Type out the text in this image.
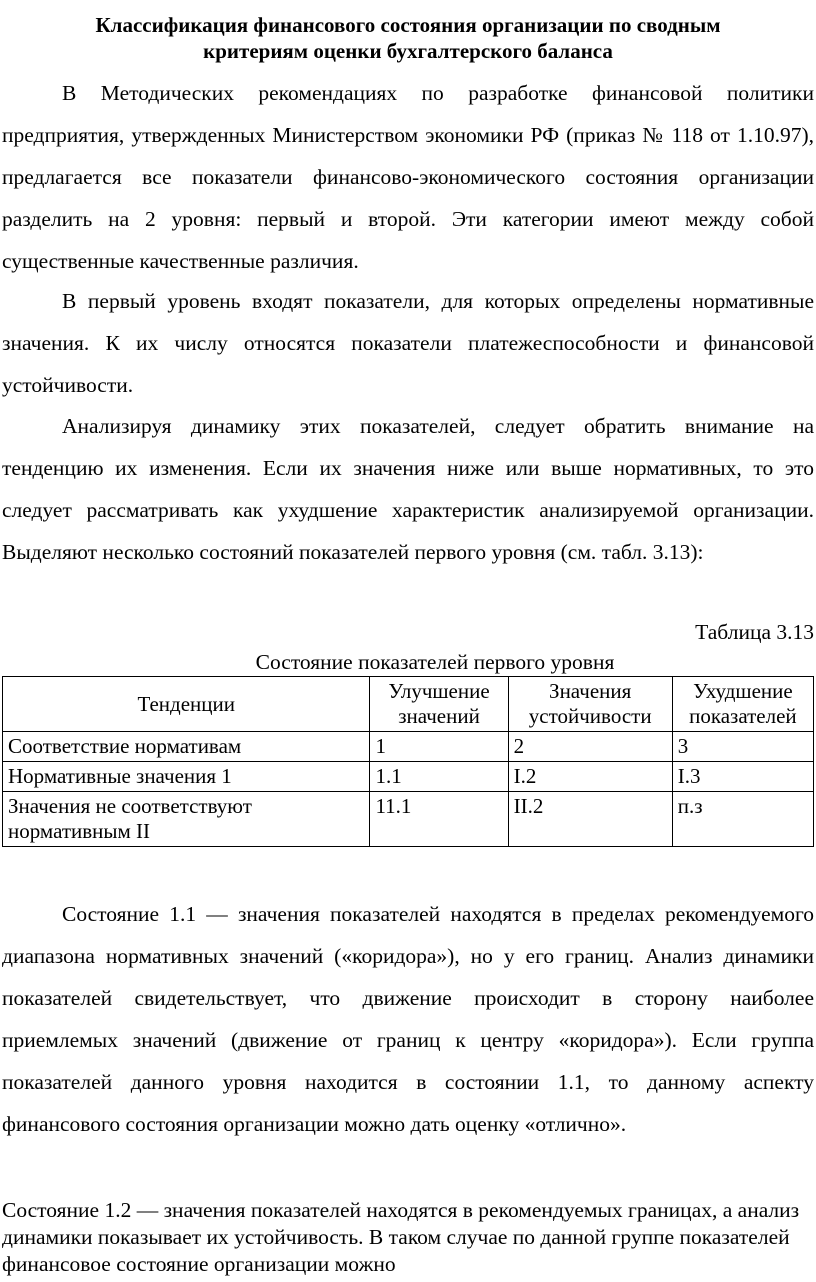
Классификация финансового состояния организации по сводным
критериям оценки бухгалтерского баланса

В Методических рекомендациях по разработке финансовой политики предприятия, утвержденных Министерством экономики РФ (приказ № 118 от 1.10.97), предлагается все показатели финансово-экономического состояния организации разделить на 2 уровня: первый и второй. Эти категории имеют между собой существенные качественные различия.

В первый уровень входят показатели, для которых определены нормативные значения. К их числу относятся показатели платежеспособности и финансовой устойчивости.

Анализируя динамику этих показателей, следует обратить внимание на тенденцию их изменения. Если их значения ниже или выше нормативных, то это следует рассматривать как ухудшение характеристик анализируемой организации. Выделяют несколько состояний показателей первого уровня (см. табл. 3.13):

Таблица 3.13
Состояние показателей первого уровня
Тенденции	Улучшение значений	Значения устойчивости	Ухудшение показателей
Соответствие нормативам	1	2	3
Нормативные значения 1	1.1	I.2	I.3
Значения не соответствуют нормативным II	11.1	II.2	п.з

Состояние 1.1 — значения показателей находятся в пределах рекомендуемого диапазона нормативных значений («коридора»), но у его границ. Анализ динамики показателей свидетельствует, что движение происходит в сторону наиболее приемлемых значений (движение от границ к центру «коридора»). Если группа показателей данного уровня находится в состоянии 1.1, то данному аспекту финансового состояния организации можно дать оценку «отлично».

Состояние 1.2 — значения показателей находятся в рекомендуемых границах, а анализ динамики показывает их устойчивость. В таком случае по данной группе показателей финансовое состояние организации можно
